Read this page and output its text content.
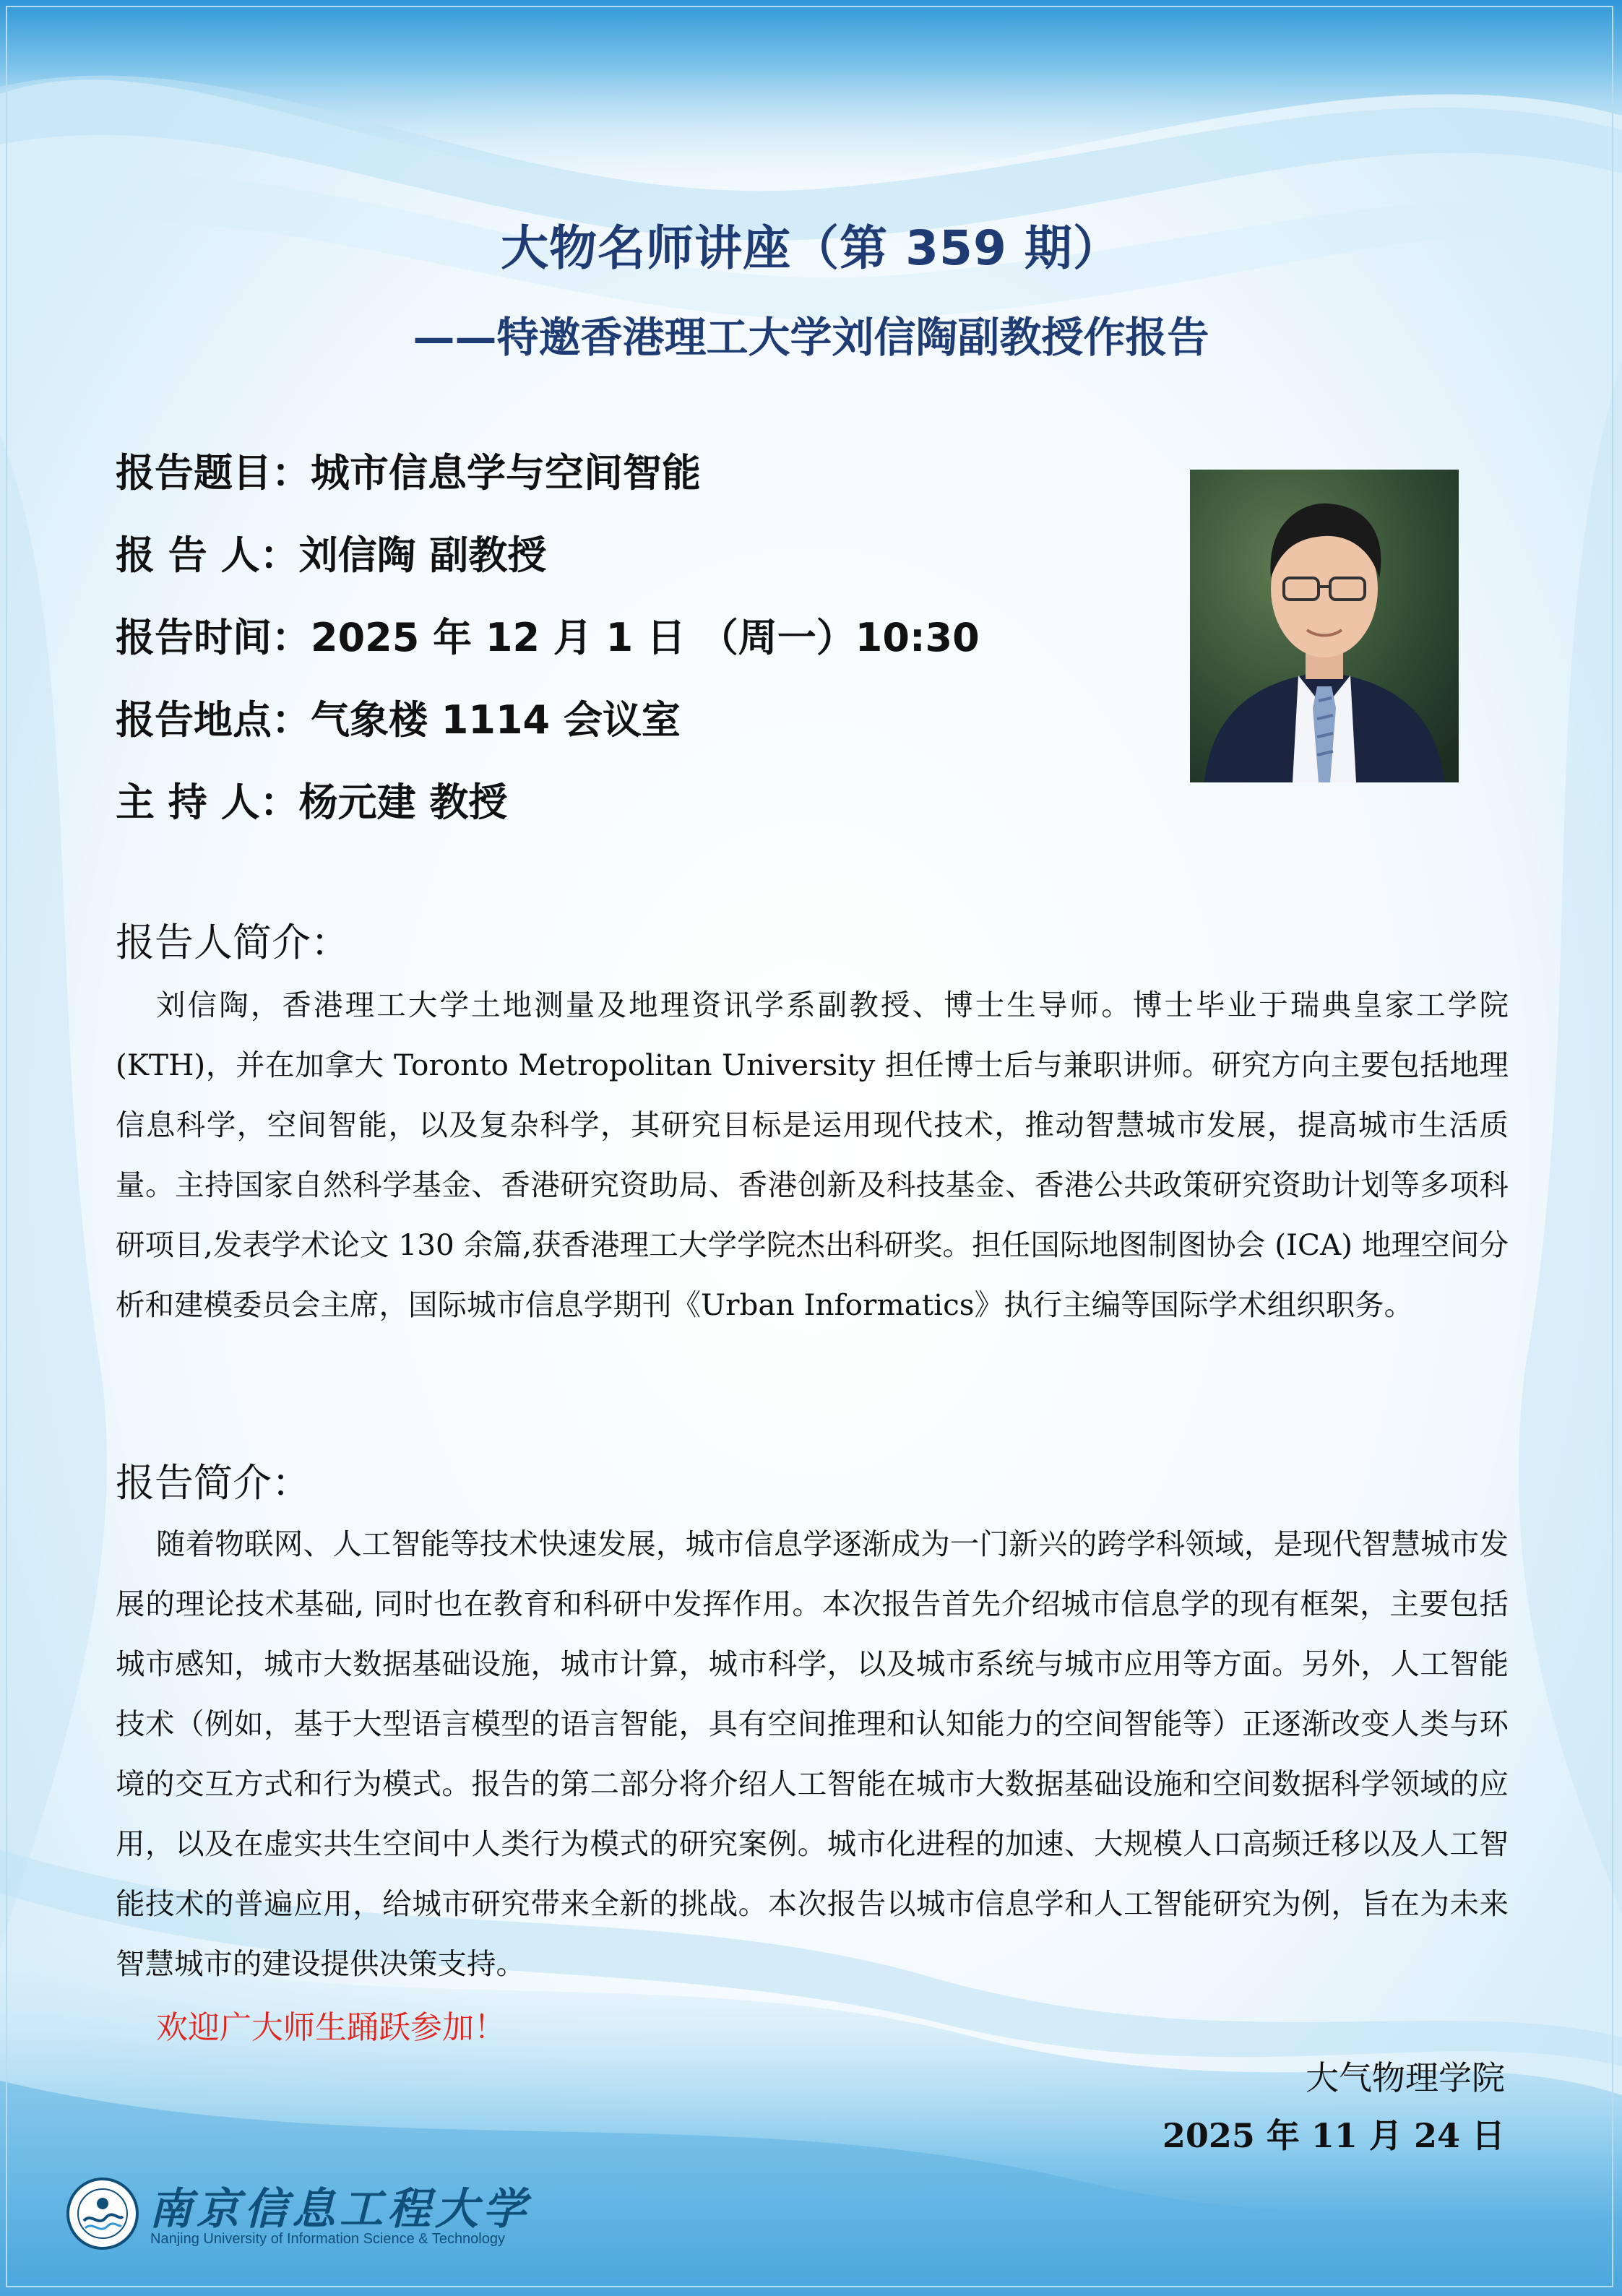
大物名师讲座（第 359 期）
——特邀香港理工大学刘信陶副教授作报告
报告题目：城市信息学与空间智能
报 告 人：刘信陶 副教授
报告时间：2025 年 12 月 1 日 （周一）10:30
报告地点：气象楼 1114 会议室
主 持 人：杨元建 教授
报告人简介：

刘信陶，香港理工大学土地测量及地理资讯学系副教授、博士生导师。博士毕业于瑞典皇家工学院(KTH)，并在加拿大 Toronto Metropolitan University 担任博士后与兼职讲师。研究方向主要包括地理信息科学，空间智能，以及复杂科学，其研究目标是运用现代技术，推动智慧城市发展，提高城市生活质量。主持国家自然科学基金、香港研究资助局、香港创新及科技基金、香港公共政策研究资助计划等多项科研项目,发表学术论文 130 余篇,获香港理工大学学院杰出科研奖。担任国际地图制图协会 (ICA) 地理空间分析和建模委员会主席，国际城市信息学期刊《Urban Informatics》执行主编等国际学术组织职务。

报告简介：

随着物联网、人工智能等技术快速发展，城市信息学逐渐成为一门新兴的跨学科领域，是现代智慧城市发展的理论技术基础, 同时也在教育和科研中发挥作用。本次报告首先介绍城市信息学的现有框架，主要包括城市感知，城市大数据基础设施，城市计算，城市科学，以及城市系统与城市应用等方面。另外，人工智能技术（例如，基于大型语言模型的语言智能，具有空间推理和认知能力的空间智能等）正逐渐改变人类与环境的交互方式和行为模式。报告的第二部分将介绍人工智能在城市大数据基础设施和空间数据科学领域的应用，以及在虚实共生空间中人类行为模式的研究案例。城市化进程的加速、大规模人口高频迁移以及人工智能技术的普遍应用，给城市研究带来全新的挑战。本次报告以城市信息学和人工智能研究为例，旨在为未来智慧城市的建设提供决策支持。

欢迎广大师生踊跃参加！
大气物理学院
2025 年 11 月 24 日
南京信息工程大学
Nanjing University of Information Science & Technology
